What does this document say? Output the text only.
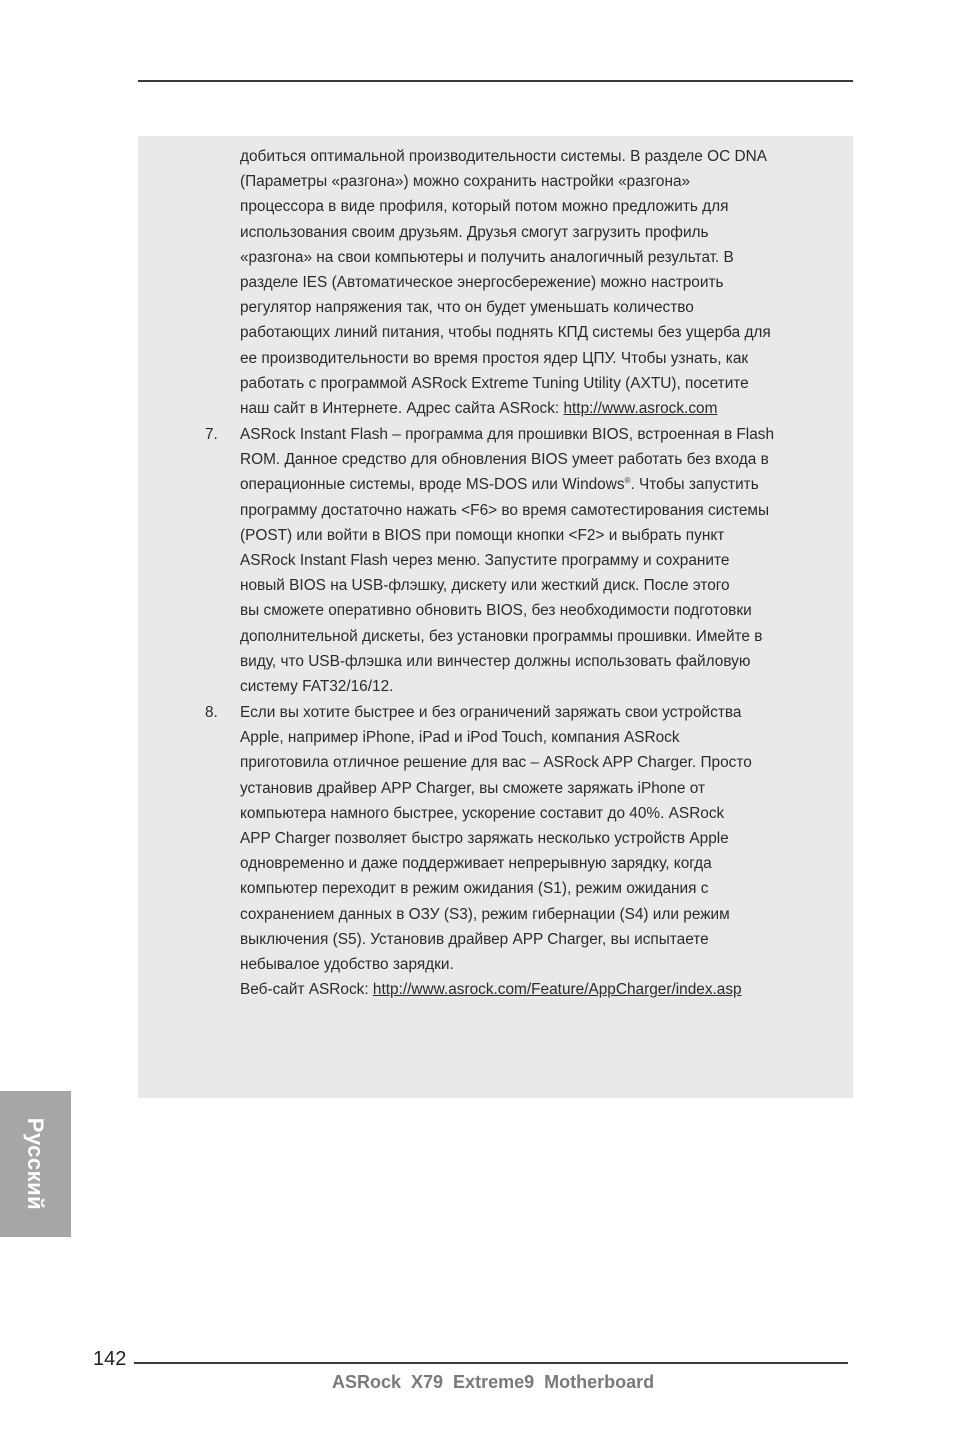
добиться оптимальной производительности системы. В разделе OC DNA
(Параметры «разгона») можно сохранить настройки «разгона»
процессора в виде профиля, который потом можно предложить для
использования своим друзьям. Друзья смогут загрузить профиль
«разгона» на свои компьютеры и получить аналогичный результат. В
разделе IES (Автоматическое энергосбережение) можно настроить
регулятор напряжения так, что он будет уменьшать количество
работающих линий питания, чтобы поднять КПД системы без ущерба для
ее производительности во время простоя ядер ЦПУ. Чтобы узнать, как
работать с программой ASRock Extreme Tuning Utility (AXTU), посетите
наш сайт в Интернете. Адрес сайта ASRock: http://www.asrock.com
7. ASRock Instant Flash – программа для прошивки BIOS, встроенная в Flash
ROM. Данное средство для обновления BIOS умеет работать без входа в
операционные системы, вроде MS-DOS или Windows®. Чтобы запустить
программу достаточно нажать <F6> во время самотестирования системы
(POST) или войти в BIOS при помощи кнопки <F2> и выбрать пункт
ASRock Instant Flash через меню. Запустите программу и сохраните
новый BIOS на USB-флэшку, дискету или жесткий диск. После этого
вы сможете оперативно обновить BIOS, без необходимости подготовки
дополнительной дискеты, без установки программы прошивки. Имейте в
виду, что USB-флэшка или винчестер должны использовать файловую
систему FAT32/16/12.
8. Если вы хотите быстрее и без ограничений заряжать свои устройства
Apple, например iPhone, iPad и iPod Touch, компания ASRock
приготовила отличное решение для вас – ASRock APP Charger. Просто
установив драйвер APP Charger, вы сможете заряжать iPhone от
компьютера намного быстрее, ускорение составит до 40%. ASRock
APP Charger позволяет быстро заряжать несколько устройств Apple
одновременно и даже поддерживает непрерывную зарядку, когда
компьютер переходит в режим ожидания (S1), режим ожидания с
сохранением данных в ОЗУ (S3), режим гибернации (S4) или режим
выключения (S5). Установив драйвер APP Charger, вы испытаете
небывалое удобство зарядки.
Веб-сайт ASRock: http://www.asrock.com/Feature/AppCharger/index.asp
Русский
142
ASRock  X79  Extreme9  Motherboard
